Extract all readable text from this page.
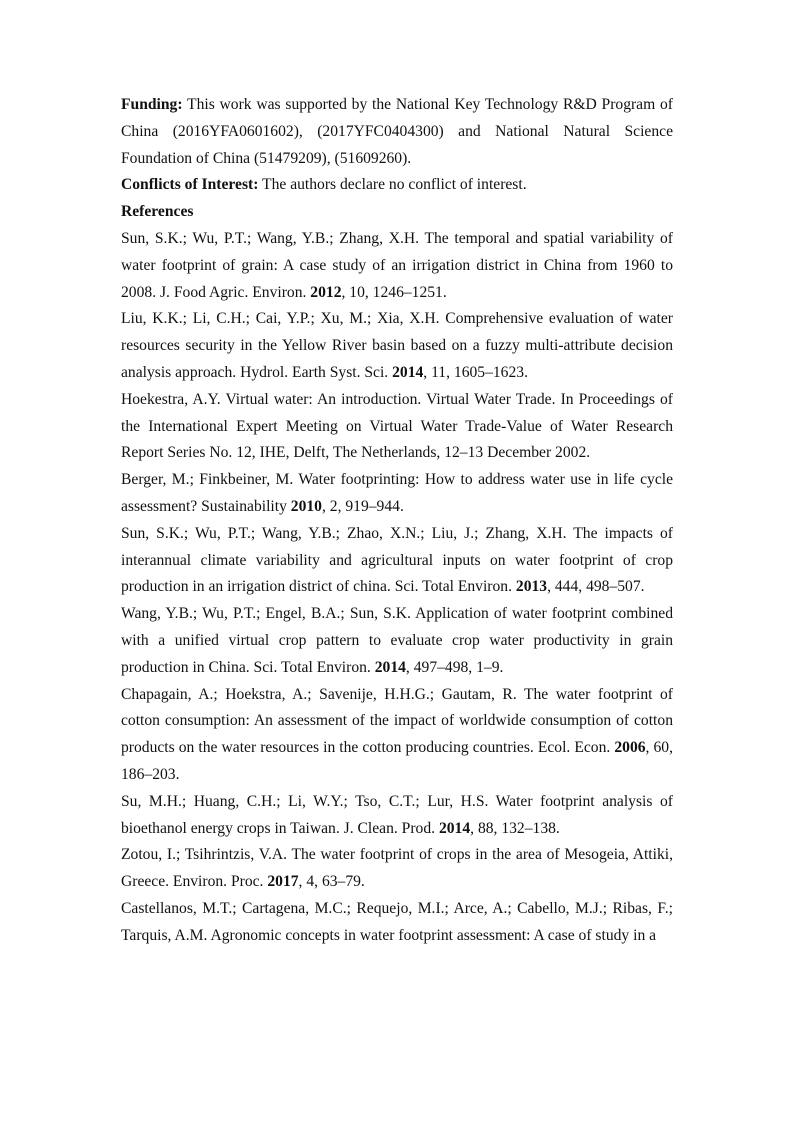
Funding: This work was supported by the National Key Technology R&D Program of China (2016YFA0601602), (2017YFC0404300) and National Natural Science Foundation of China (51479209), (51609260).

Conflicts of Interest: The authors declare no conflict of interest.

References

Sun, S.K.; Wu, P.T.; Wang, Y.B.; Zhang, X.H. The temporal and spatial variability of water footprint of grain: A case study of an irrigation district in China from 1960 to 2008. J. Food Agric. Environ. 2012, 10, 1246–1251.

Liu, K.K.; Li, C.H.; Cai, Y.P.; Xu, M.; Xia, X.H. Comprehensive evaluation of water resources security in the Yellow River basin based on a fuzzy multi-attribute decision analysis approach. Hydrol. Earth Syst. Sci. 2014, 11, 1605–1623.

Hoekestra, A.Y. Virtual water: An introduction. Virtual Water Trade. In Proceedings of the International Expert Meeting on Virtual Water Trade-Value of Water Research Report Series No. 12, IHE, Delft, The Netherlands, 12–13 December 2002.

Berger, M.; Finkbeiner, M. Water footprinting: How to address water use in life cycle assessment? Sustainability 2010, 2, 919–944.

Sun, S.K.; Wu, P.T.; Wang, Y.B.; Zhao, X.N.; Liu, J.; Zhang, X.H. The impacts of interannual climate variability and agricultural inputs on water footprint of crop production in an irrigation district of china. Sci. Total Environ. 2013, 444, 498–507.

Wang, Y.B.; Wu, P.T.; Engel, B.A.; Sun, S.K. Application of water footprint combined with a unified virtual crop pattern to evaluate crop water productivity in grain production in China. Sci. Total Environ. 2014, 497–498, 1–9.

Chapagain, A.; Hoekstra, A.; Savenije, H.H.G.; Gautam, R. The water footprint of cotton consumption: An assessment of the impact of worldwide consumption of cotton products on the water resources in the cotton producing countries. Ecol. Econ. 2006, 60, 186–203.

Su, M.H.; Huang, C.H.; Li, W.Y.; Tso, C.T.; Lur, H.S. Water footprint analysis of bioethanol energy crops in Taiwan. J. Clean. Prod. 2014, 88, 132–138.

Zotou, I.; Tsihrintzis, V.A. The water footprint of crops in the area of Mesogeia, Attiki, Greece. Environ. Proc. 2017, 4, 63–79.

Castellanos, M.T.; Cartagena, M.C.; Requejo, M.I.; Arce, A.; Cabello, M.J.; Ribas, F.; Tarquis, A.M. Agronomic concepts in water footprint assessment: A case of study in a
